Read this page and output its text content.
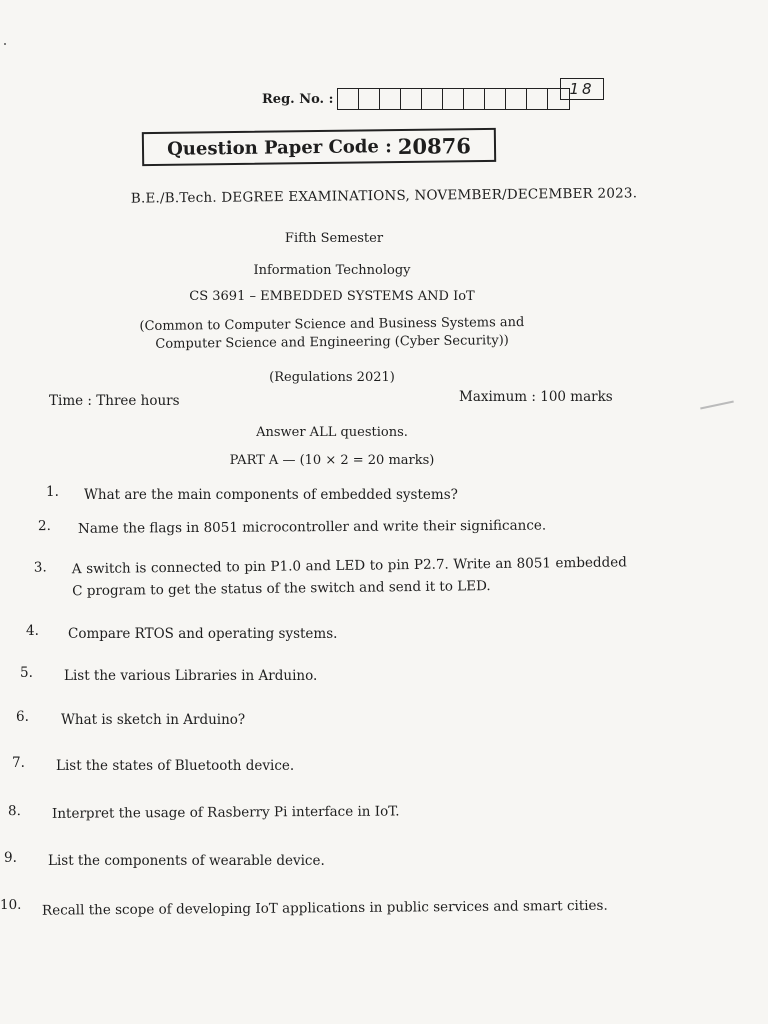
Reg. No. :
18
Question Paper Code : 20876
B.E./B.Tech. DEGREE EXAMINATIONS, NOVEMBER/DECEMBER 2023.
Fifth Semester
Information Technology
CS 3691 – EMBEDDED SYSTEMS AND IoT
(Common to Computer Science and Business Systems and
Computer Science and Engineering (Cyber Security))
(Regulations 2021)
Time : Three hours	Maximum : 100 marks
Answer ALL questions.
PART A — (10 × 2 = 20 marks)
1.	What are the main components of embedded systems?
2.	Name the flags in 8051 microcontroller and write their significance.
3.	A switch is connected to pin P1.0 and LED to pin P2.7. Write an 8051 embedded C program to get the status of the switch and send it to LED.
4.	Compare RTOS and operating systems.
5.	List the various Libraries in Arduino.
6.	What is sketch in Arduino?
7.	List the states of Bluetooth device.
8.	Interpret the usage of Rasberry Pi interface in IoT.
9.	List the components of wearable device.
10.	Recall the scope of developing IoT applications in public services and smart cities.
